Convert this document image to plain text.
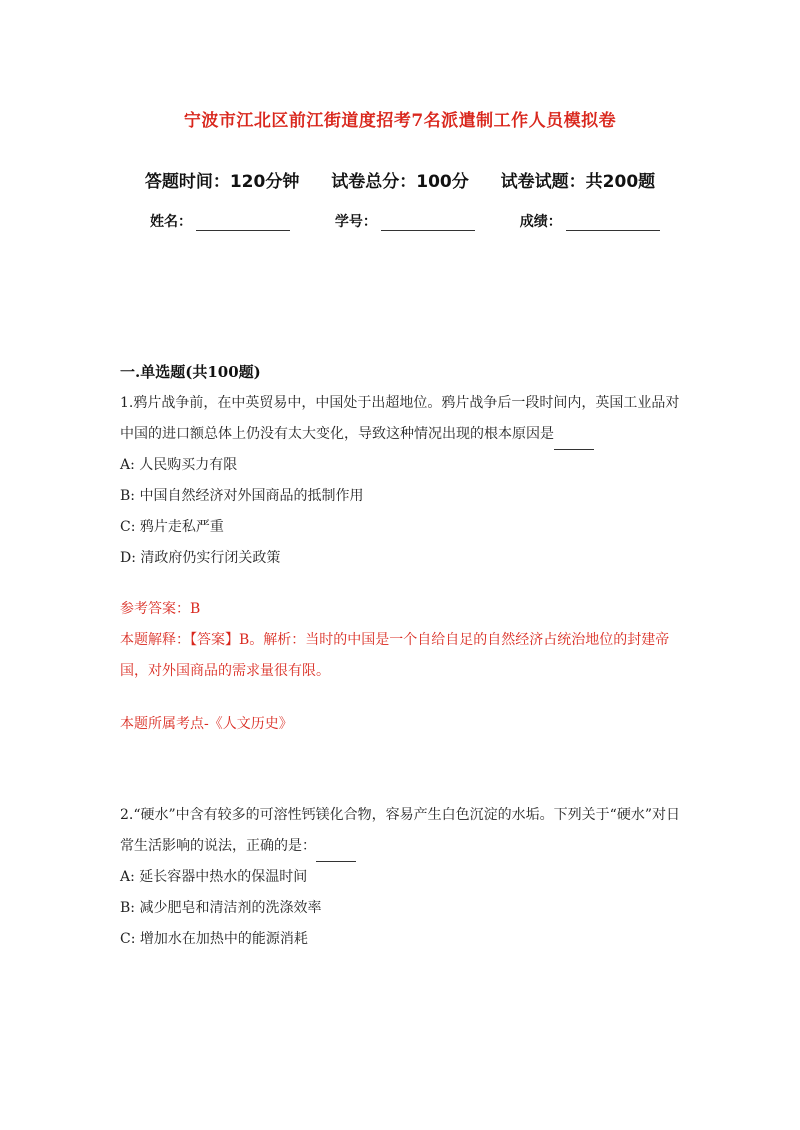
宁波市江北区前江街道度招考7名派遣制工作人员模拟卷
答题时间：120分钟 试卷总分：100分 试卷试题：共200题
姓名：	学号：	成绩：
一.单选题(共100题)
1.鸦片战争前，在中英贸易中，中国处于出超地位。鸦片战争后一段时间内，英国工业品对中国的进口额总体上仍没有太大变化，导致这种情况出现的根本原因是
A: 人民购买力有限
B: 中国自然经济对外国商品的抵制作用
C: 鸦片走私严重
D: 清政府仍实行闭关政策
参考答案：B
本题解释：【答案】B。解析：当时的中国是一个自给自足的自然经济占统治地位的封建帝国，对外国商品的需求量很有限。
本题所属考点-《人文历史》
2.“硬水”中含有较多的可溶性钙镁化合物，容易产生白色沉淀的水垢。下列关于“硬水”对日常生活影响的说法，正确的是：
A: 延长容器中热水的保温时间
B: 减少肥皂和清洁剂的洗涤效率
C: 增加水在加热中的能源消耗
